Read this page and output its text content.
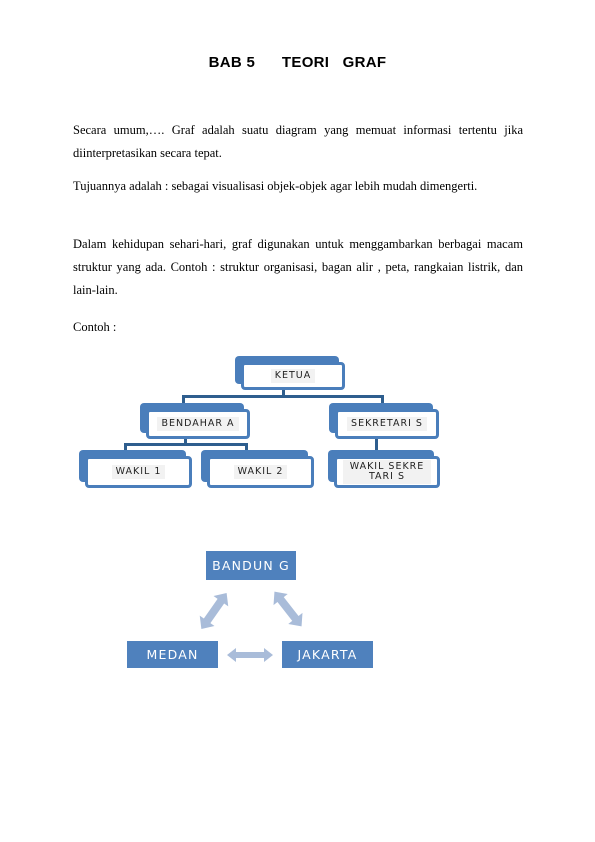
BAB 5      TEORI   GRAF
Secara umum,…. Graf adalah suatu diagram yang memuat informasi tertentu jika diinterpretasikan secara tepat.
Tujuannya adalah : sebagai visualisasi objek-objek agar lebih mudah dimengerti.
Dalam kehidupan sehari-hari, graf digunakan untuk menggambarkan berbagai macam struktur yang ada. Contoh : struktur organisasi, bagan alir , peta, rangkaian listrik, dan lain-lain.
Contoh :
KETUA
BENDAHAR A	SEKRETARI S
WAKIL 1	WAKIL 2	WAKIL SEKRETARI S
BANDUN G
MEDAN	JAKARTA
